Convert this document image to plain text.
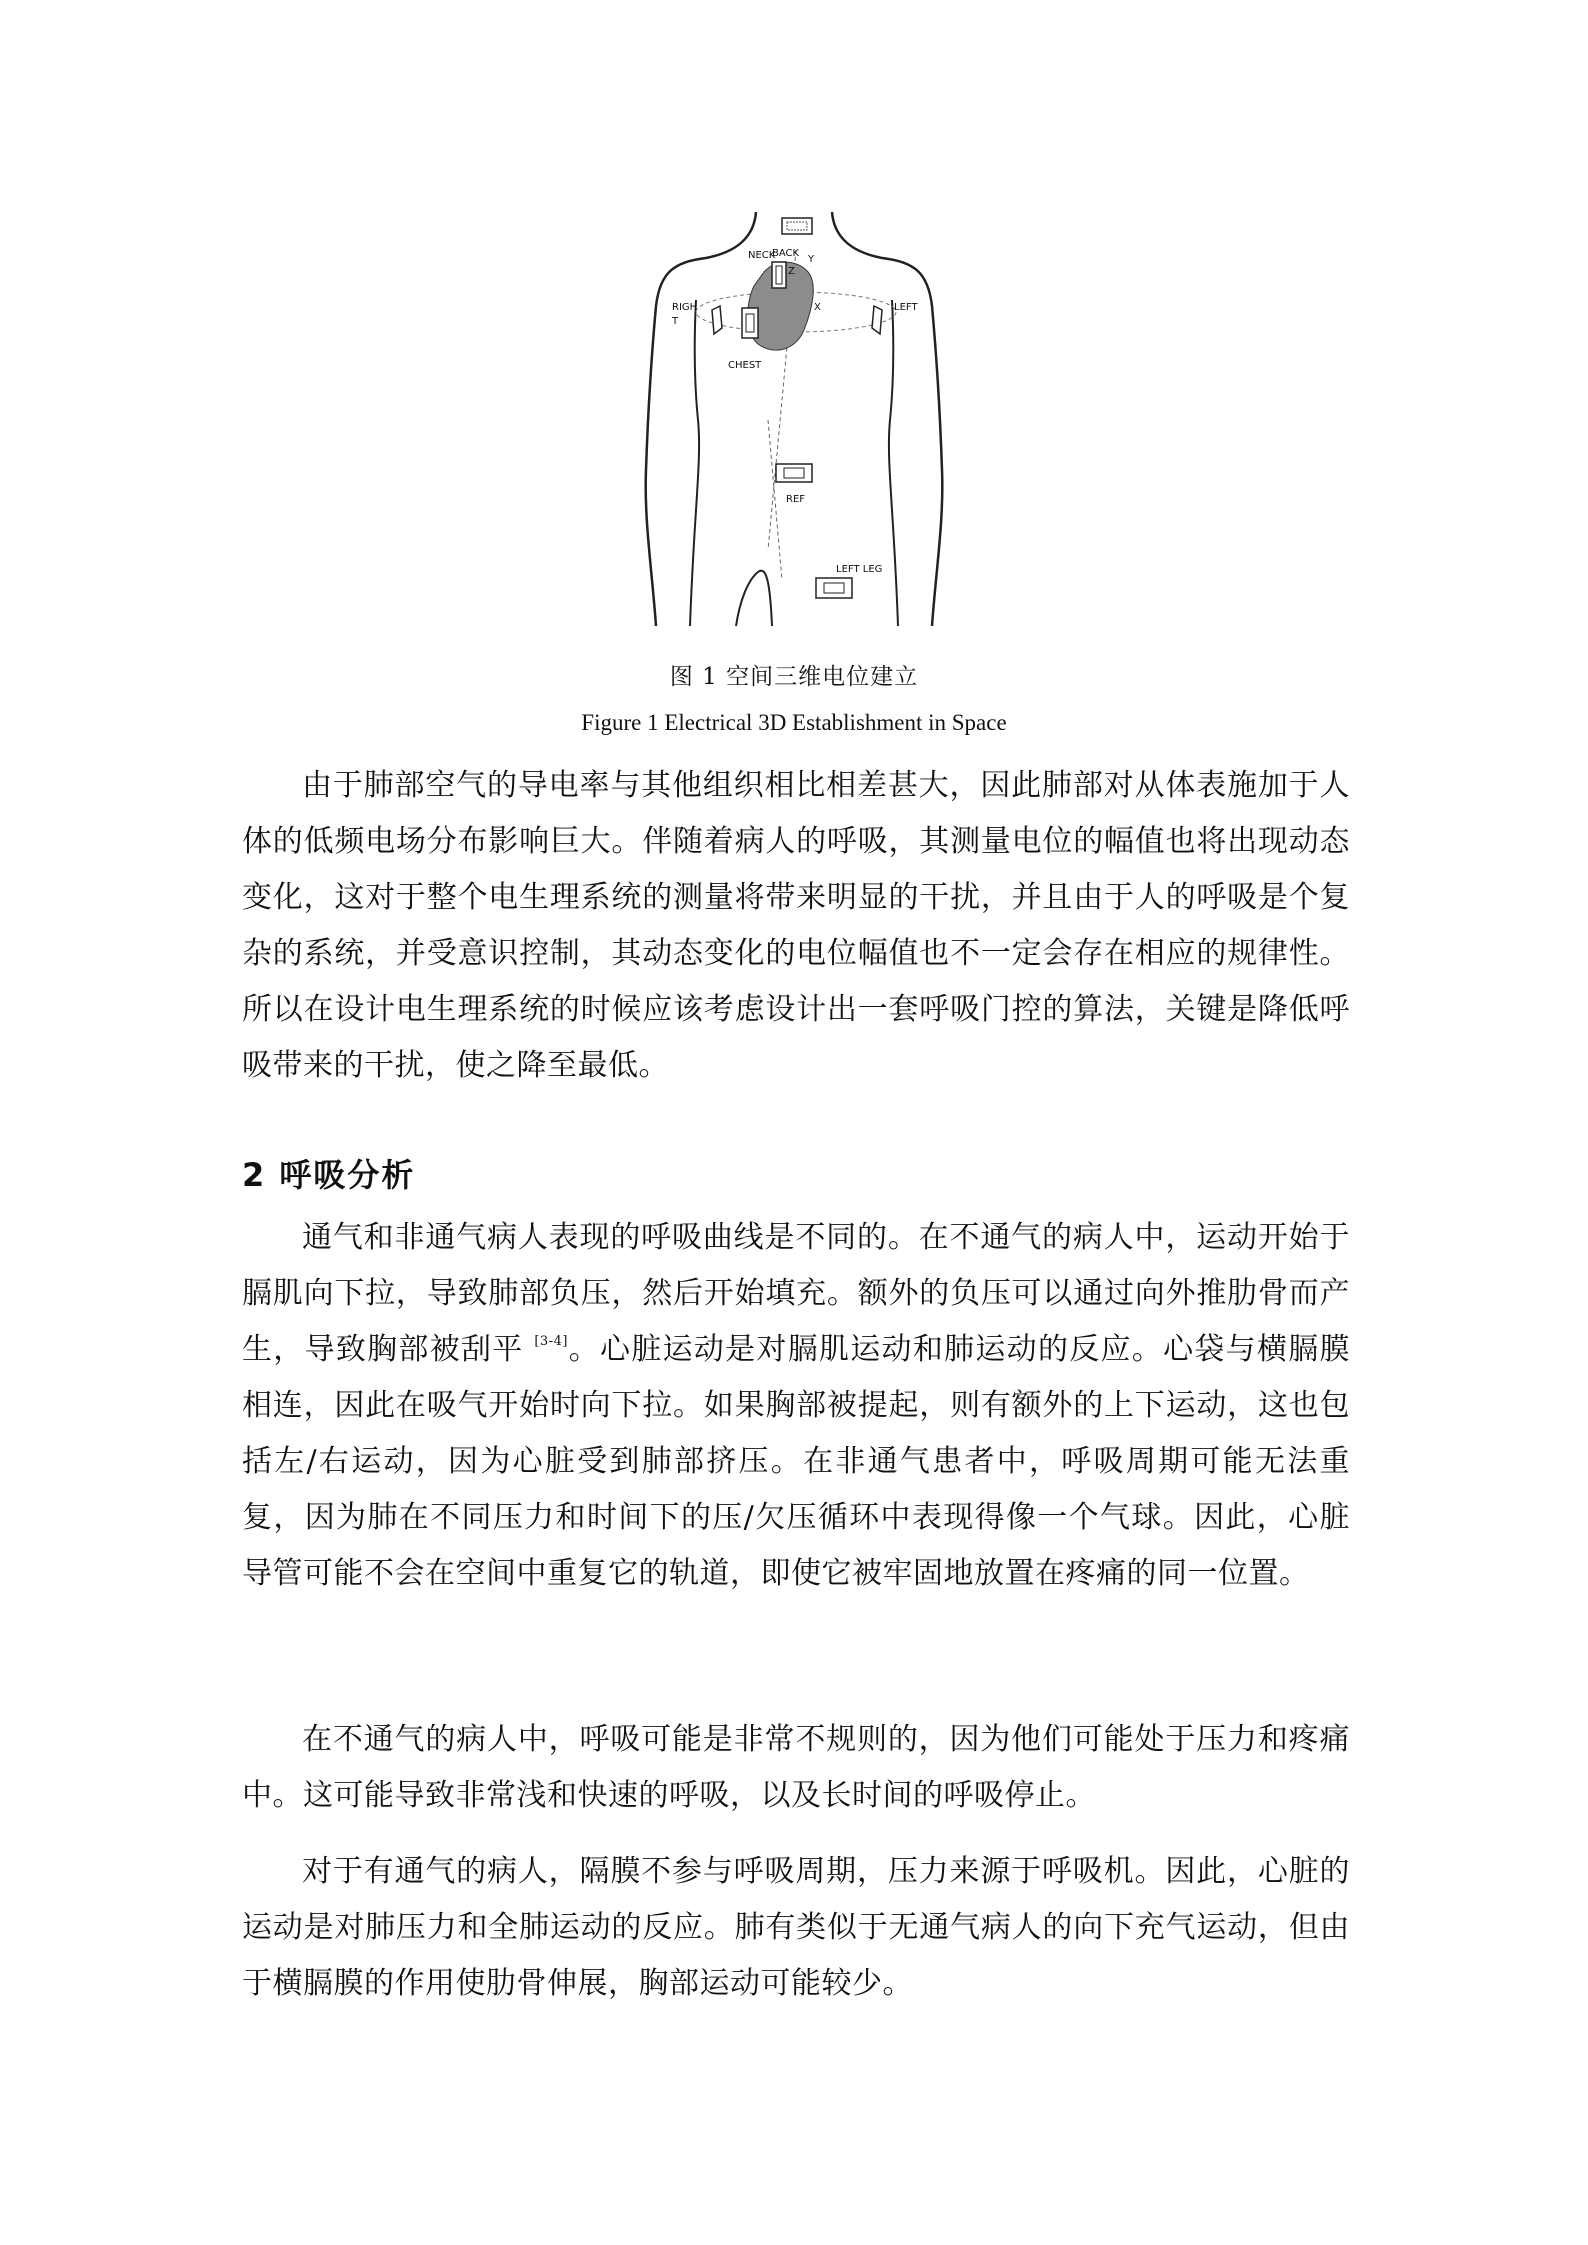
NECK
Z
BACK
Y
X
RIGH
T
LEFT
CHEST
REF
LEFT LEG
图 1 空间三维电位建立
Figure 1 Electrical 3D Establishment in Space

由于肺部空气的导电率与其他组织相比相差甚大，因此肺部对从体表施加于人体的低频电场分布影响巨大。伴随着病人的呼吸，其测量电位的幅值也将出现动态变化，这对于整个电生理系统的测量将带来明显的干扰，并且由于人的呼吸是个复杂的系统，并受意识控制，其动态变化的电位幅值也不一定会存在相应的规律性。所以在设计电生理系统的时候应该考虑设计出一套呼吸门控的算法，关键是降低呼吸带来的干扰，使之降至最低。

2 呼吸分析

通气和非通气病人表现的呼吸曲线是不同的。在不通气的病人中，运动开始于膈肌向下拉，导致肺部负压，然后开始填充。额外的负压可以通过向外推肋骨而产生，导致胸部被刮平 [3-4]。心脏运动是对膈肌运动和肺运动的反应。心袋与横膈膜相连，因此在吸气开始时向下拉。如果胸部被提起，则有额外的上下运动，这也包括左/右运动，因为心脏受到肺部挤压。在非通气患者中，呼吸周期可能无法重复，因为肺在不同压力和时间下的压/欠压循环中表现得像一个气球。因此，心脏导管可能不会在空间中重复它的轨道，即使它被牢固地放置在疼痛的同一位置。

在不通气的病人中，呼吸可能是非常不规则的，因为他们可能处于压力和疼痛中。这可能导致非常浅和快速的呼吸，以及长时间的呼吸停止。

对于有通气的病人，隔膜不参与呼吸周期，压力来源于呼吸机。因此，心脏的运动是对肺压力和全肺运动的反应。肺有类似于无通气病人的向下充气运动，但由于横膈膜的作用使肋骨伸展，胸部运动可能较少。
